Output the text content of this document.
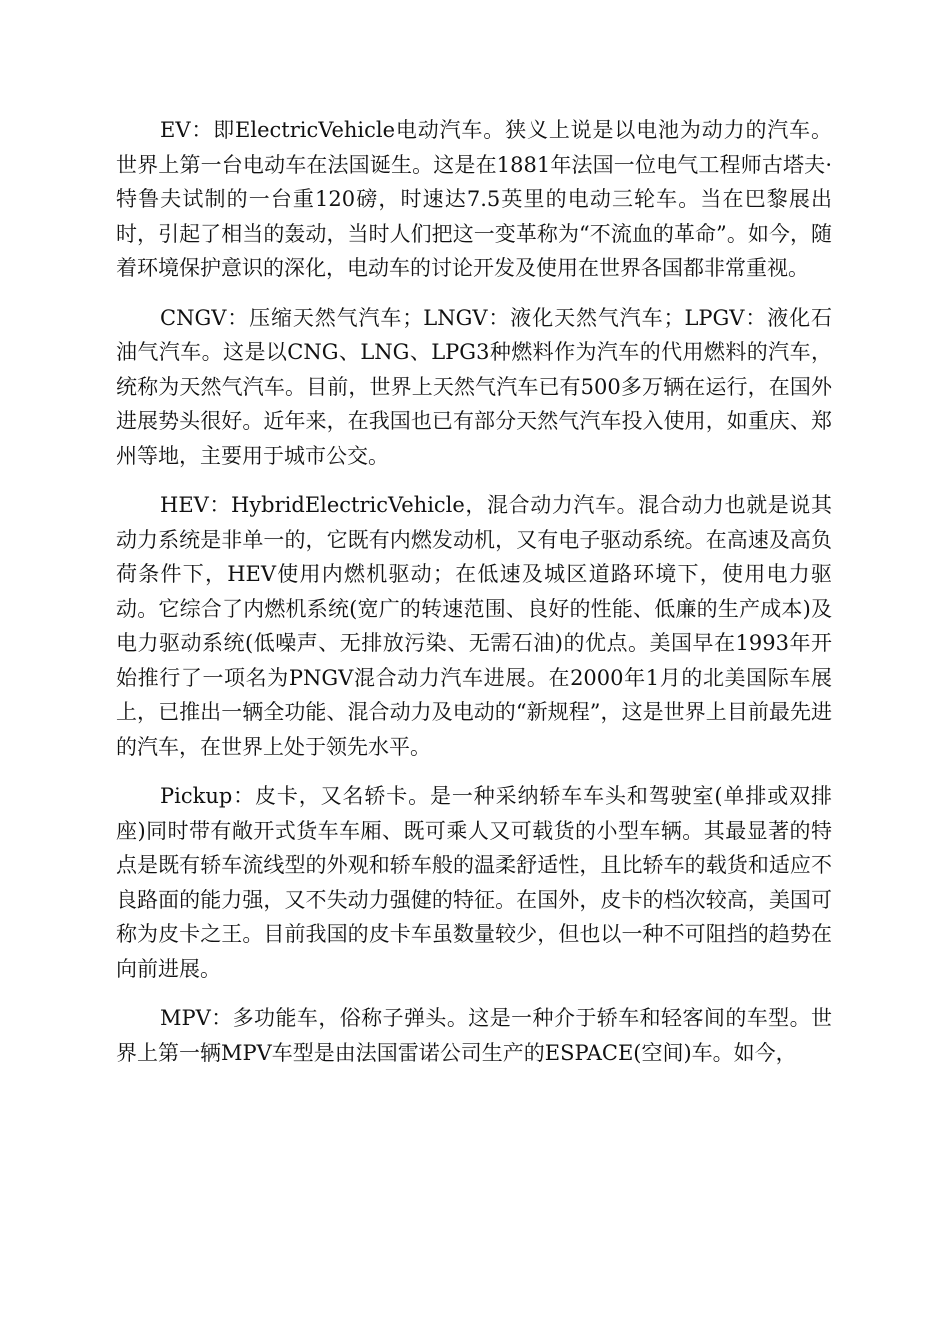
EV：即ElectricVehicle电动汽车。狭义上说是以电池为动力的汽车。世界上第一台电动车在法国诞生。这是在1881年法国一位电气工程师古塔夫·特鲁夫试制的一台重120磅，时速达7.5英里的电动三轮车。当在巴黎展出时，引起了相当的轰动，当时人们把这一变革称为“不流血的革命”。如今，随着环境保护意识的深化，电动车的讨论开发及使用在世界各国都非常重视。

CNGV：压缩天然气汽车；LNGV：液化天然气汽车；LPGV：液化石油气汽车。这是以CNG、LNG、LPG3种燃料作为汽车的代用燃料的汽车，统称为天然气汽车。目前，世界上天然气汽车已有500多万辆在运行，在国外进展势头很好。近年来，在我国也已有部分天然气汽车投入使用，如重庆、郑州等地，主要用于城市公交。

HEV：HybridElectricVehicle，混合动力汽车。混合动力也就是说其动力系统是非单一的，它既有内燃发动机，又有电子驱动系统。在高速及高负荷条件下，HEV使用内燃机驱动；在低速及城区道路环境下，使用电力驱动。它综合了内燃机系统(宽广的转速范围、良好的性能、低廉的生产成本)及电力驱动系统(低噪声、无排放污染、无需石油)的优点。美国早在1993年开始推行了一项名为PNGV混合动力汽车进展。在2000年1月的北美国际车展上，已推出一辆全功能、混合动力及电动的“新规程”，这是世界上目前最先进的汽车，在世界上处于领先水平。

Pickup：皮卡，又名轿卡。是一种采纳轿车车头和驾驶室(单排或双排座)同时带有敞开式货车车厢、既可乘人又可载货的小型车辆。其最显著的特点是既有轿车流线型的外观和轿车般的温柔舒适性，且比轿车的载货和适应不良路面的能力强，又不失动力强健的特征。在国外，皮卡的档次较高，美国可称为皮卡之王。目前我国的皮卡车虽数量较少，但也以一种不可阻挡的趋势在向前进展。

MPV：多功能车，俗称子弹头。这是一种介于轿车和轻客间的车型。世界上第一辆MPV车型是由法国雷诺公司生产的ESPACE(空间)车。如今，
